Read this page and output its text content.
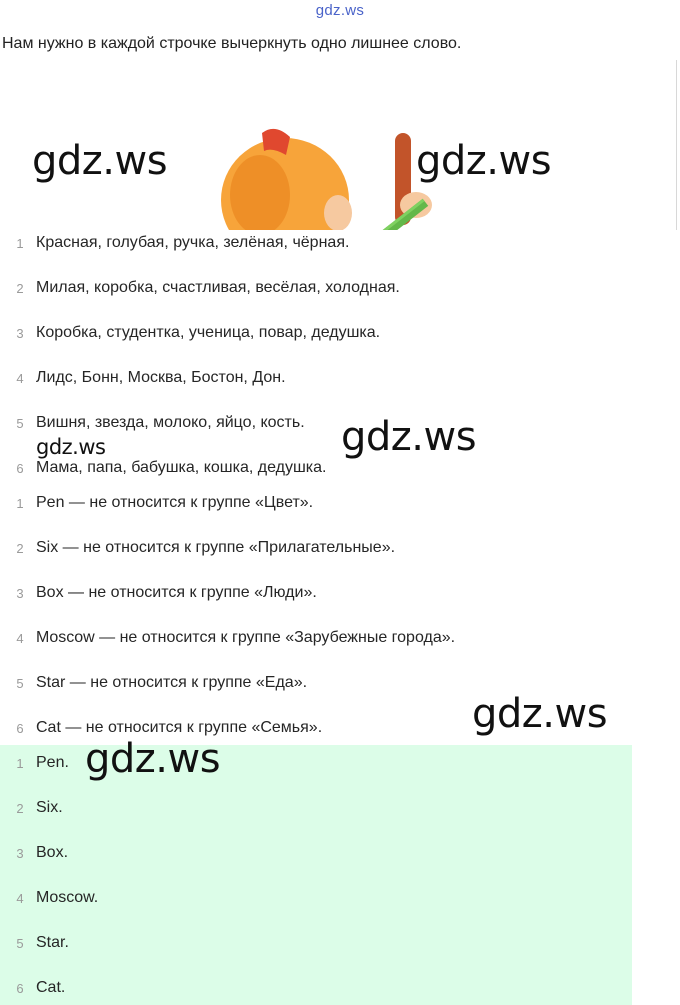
gdz.ws
Нам нужно в каждой строчке вычеркнуть одно лишнее слово.
gdz.ws	gdz.ws
gdz.ws	gdz.ws
gdz.ws
1 Красная, голубая, ручка, зелёная, чёрная.
2 Милая, коробка, счастливая, весёлая, холодная.
3 Коробка, студентка, ученица, повар, дедушка.
4 Лидс, Бонн, Москва, Бостон, Дон.
5 Вишня, звезда, молоко, яйцо, кость.
6 Мама, папа, бабушка, кошка, дедушка.
1 Pen — не относится к группе «Цвет».
2 Six — не относится к группе «Прилагательные».
3 Box — не относится к группе «Люди».
4 Moscow — не относится к группе «Зарубежные города».
5 Star — не относится к группе «Еда».
6 Cat — не относится к группе «Семья».
1 Pen.
2 Six.
3 Box.
4 Moscow.
5 Star.
6 Cat.
gdz.ws
